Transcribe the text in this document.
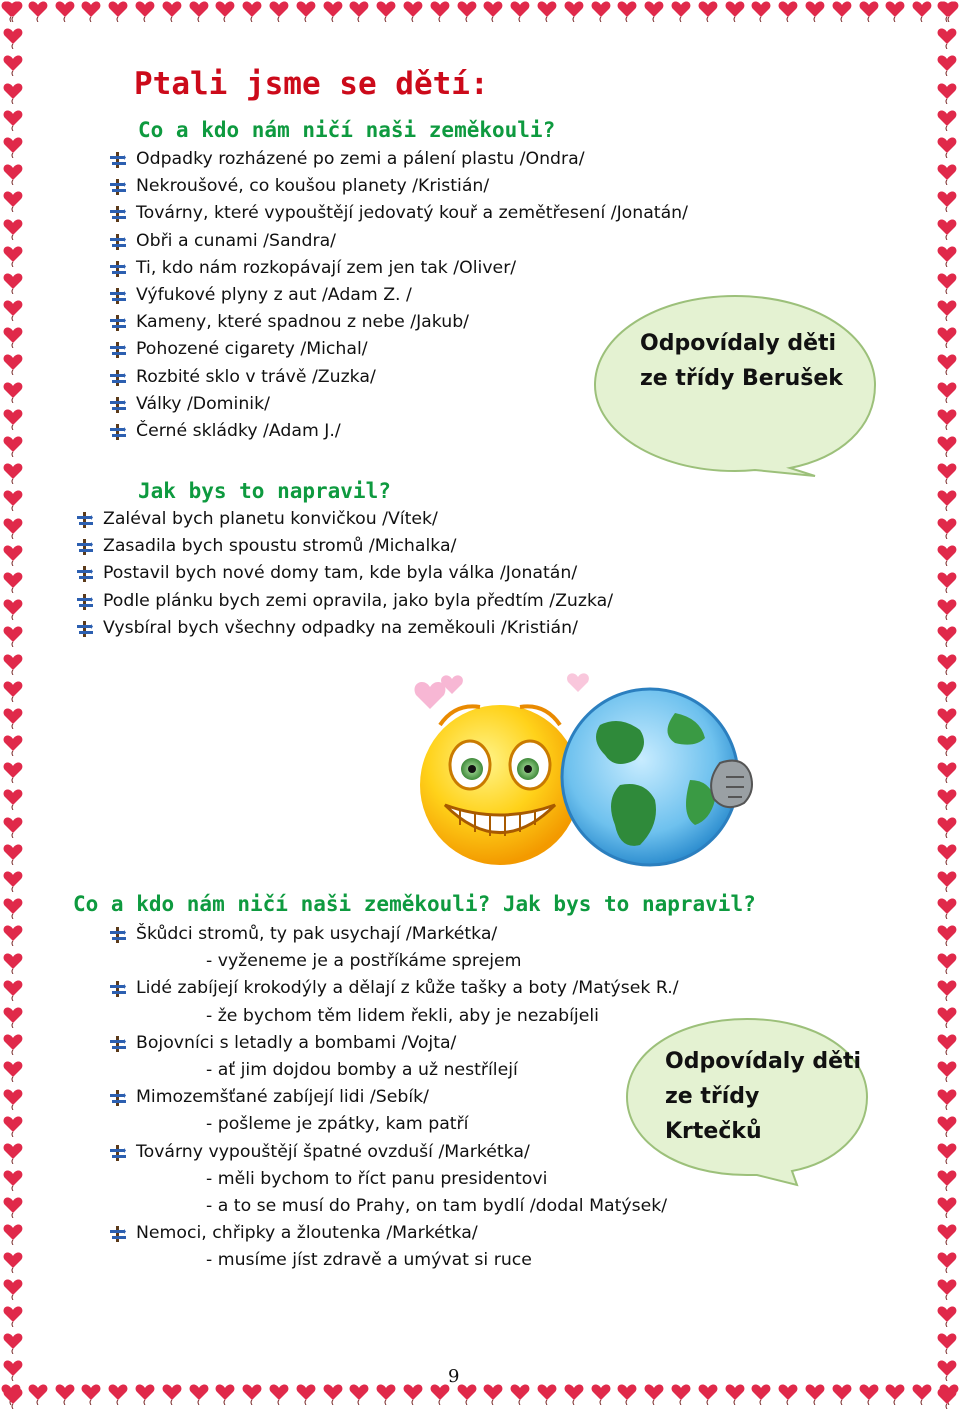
Ptali jsme se dětí:
Co a kdo nám ničí naši zeměkouli?
Odpadky rozházené po zemi a pálení plastu /Ondra/
Nekroušové, co koušou planety /Kristián/
Továrny, které vypouštějí jedovatý kouř a zemětřesení /Jonatán/
Obři a cunami /Sandra/
Ti, kdo nám rozkopávají zem jen tak /Oliver/
Výfukové plyny z aut /Adam Z. /
Kameny, které spadnou z nebe /Jakub/
Pohozené cigarety /Michal/
Rozbité sklo v trávě /Zuzka/
Války /Dominik/
Černé skládky /Adam J./
Odpovídaly děti
ze třídy Berušek
Jak bys to napravil?
Zaléval bych planetu konvičkou /Vítek/
Zasadila bych spoustu stromů /Michalka/
Postavil bych nové domy tam, kde byla válka /Jonatán/
Podle plánku bych zemi opravila, jako byla předtím /Zuzka/
Vysbíral bych všechny odpadky na zeměkouli /Kristián/
Co a kdo nám ničí naši zeměkouli? Jak bys to napravil?
Škůdci stromů, ty pak usychají /Markétka/
- vyženeme je a postříkáme sprejem
Lidé zabíjejí krokodýly a dělají z kůže tašky a boty /Matýsek R./
- že bychom těm lidem řekli, aby je nezabíjeli
Bojovníci s letadly a bombami /Vojta/
- ať jim dojdou bomby a už nestřílejí
Mimozemšťané zabíjejí lidi /Sebík/
- pošleme je zpátky, kam patří
Továrny vypouštějí špatné ovzduší /Markétka/
- měli bychom to říct panu presidentovi
- a to se musí do Prahy, on tam bydlí /dodal Matýsek/
Nemoci, chřipky a žloutenka /Markétka/
- musíme jíst zdravě a umývat si ruce
Odpovídaly děti
ze třídy
Krtečků
9
